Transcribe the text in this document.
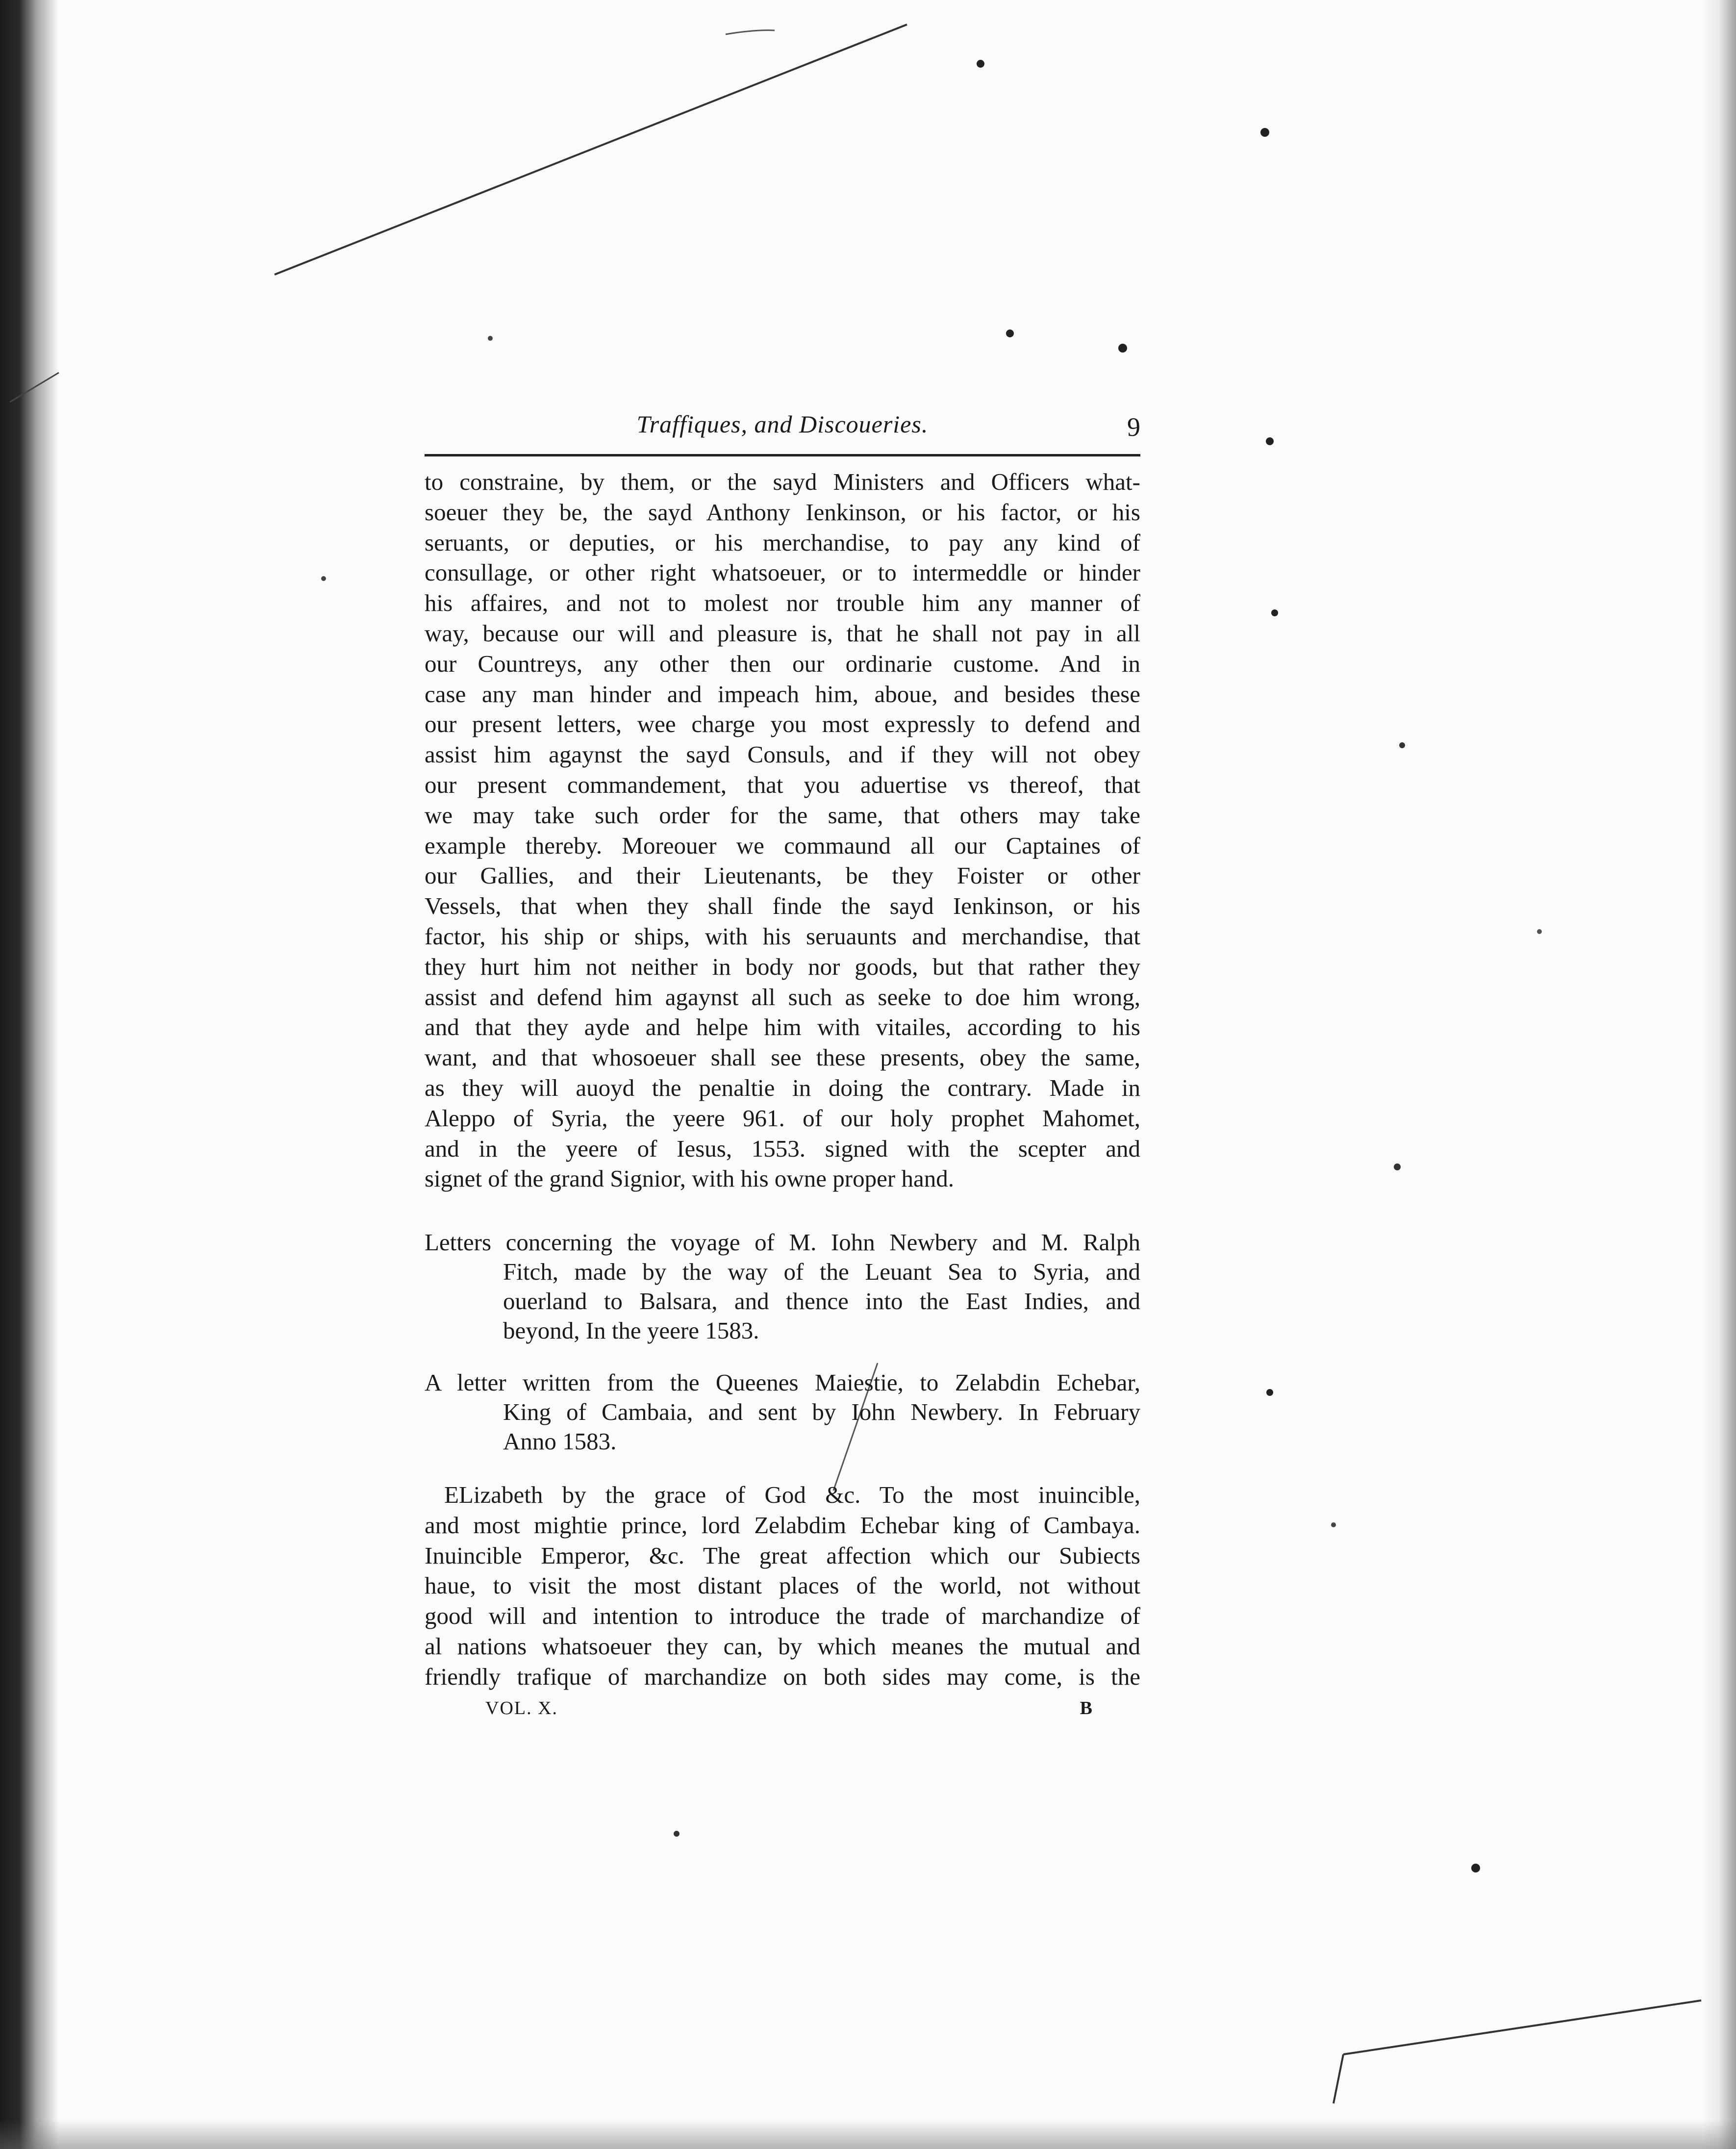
Traffiques, and Discoueries.	9
to constraine, by them, or the sayd Ministers and Officers what-
soeuer they be, the sayd Anthony Ienkinson, or his factor, or his
seruants, or deputies, or his merchandise, to pay any kind of
consullage, or other right whatsoeuer, or to intermeddle or hinder
his affaires, and not to molest nor trouble him any manner of
way, because our will and pleasure is, that he shall not pay in all
our Countreys, any other then our ordinarie custome. And in
case any man hinder and impeach him, aboue, and besides these
our present letters, wee charge you most expressly to defend and
assist him agaynst the sayd Consuls, and if they will not obey
our present commandement, that you aduertise vs thereof, that
we may take such order for the same, that others may take
example thereby. Moreouer we commaund all our Captaines of
our Gallies, and their Lieutenants, be they Foister or other
Vessels, that when they shall finde the sayd Ienkinson, or his
factor, his ship or ships, with his seruaunts and merchandise, that
they hurt him not neither in body nor goods, but that rather they
assist and defend him agaynst all such as seeke to doe him wrong,
and that they ayde and helpe him with vitailes, according to his
want, and that whosoeuer shall see these presents, obey the same,
as they will auoyd the penaltie in doing the contrary. Made in
Aleppo of Syria, the yeere 961. of our holy prophet Mahomet,
and in the yeere of Iesus, 1553. signed with the scepter and
signet of the grand Signior, with his owne proper hand.
Letters concerning the voyage of M. Iohn Newbery and M. Ralph
Fitch, made by the way of the Leuant Sea to Syria, and
ouerland to Balsara, and thence into the East Indies, and
beyond, In the yeere 1583.
A letter written from the Queenes Maiestie, to Zelabdin Echebar,
King of Cambaia, and sent by Iohn Newbery. In February
Anno 1583.
ELizabeth by the grace of God &c. To the most inuincible,
and most mightie prince, lord Zelabdim Echebar king of Cambaya.
Inuincible Emperor, &c. The great affection which our Subiects
haue, to visit the most distant places of the world, not without
good will and intention to introduce the trade of marchandize of
al nations whatsoeuer they can, by which meanes the mutual and
friendly trafique of marchandize on both sides may come, is the
VOL. X.	B
